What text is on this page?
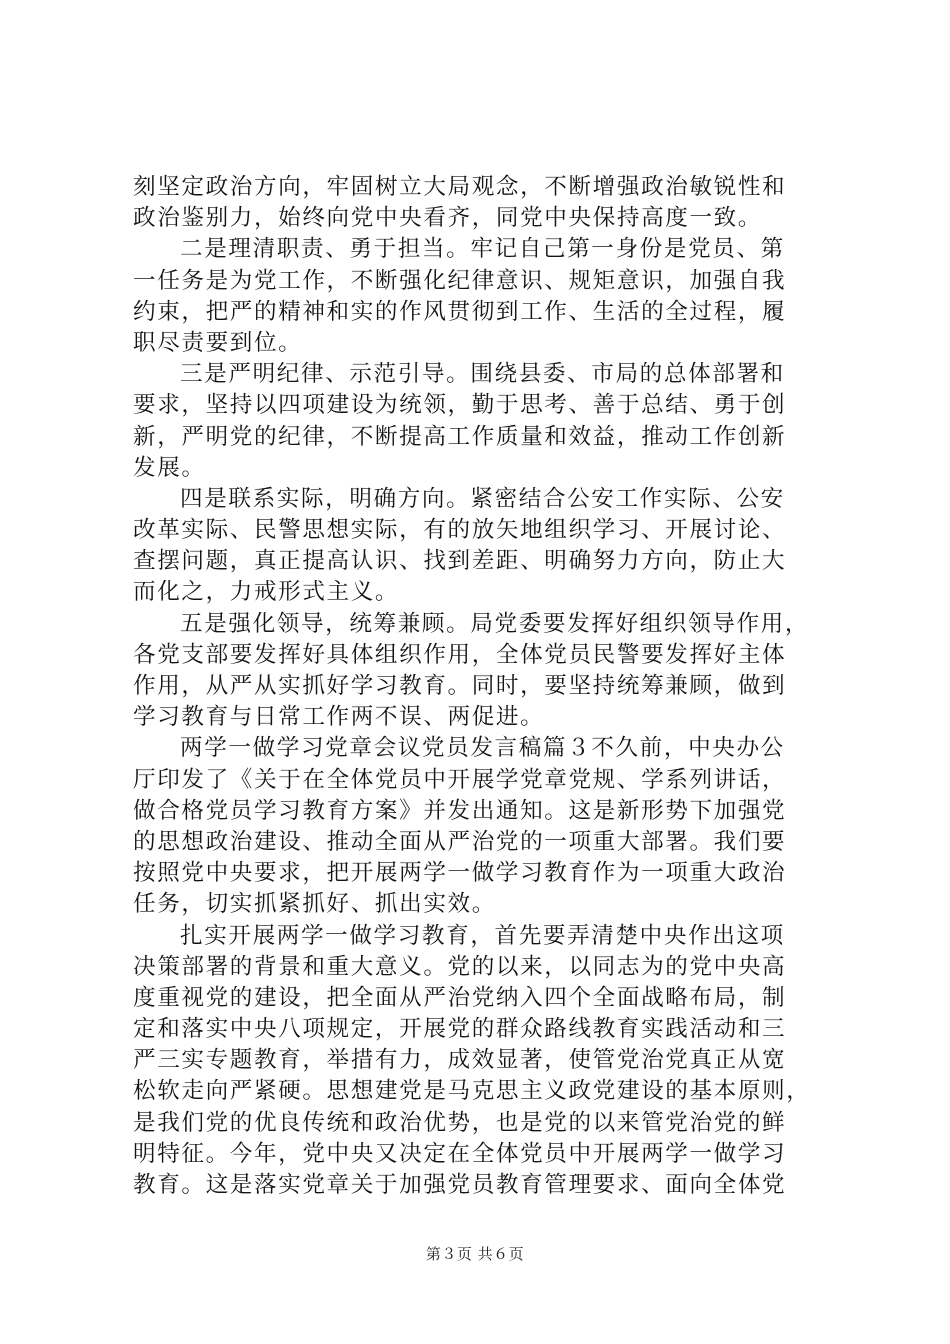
刻坚定政治方向，牢固树立大局观念，不断增强政治敏锐性和
政治鉴别力，始终向党中央看齐，同党中央保持高度一致。
二是理清职责、勇于担当。牢记自己第一身份是党员、第
一任务是为党工作，不断强化纪律意识、规矩意识，加强自我
约束，把严的精神和实的作风贯彻到工作、生活的全过程，履
职尽责要到位。
三是严明纪律、示范引导。围绕县委、市局的总体部署和
要求，坚持以四项建设为统领，勤于思考、善于总结、勇于创
新，严明党的纪律，不断提高工作质量和效益，推动工作创新
发展。
四是联系实际，明确方向。紧密结合公安工作实际、公安
改革实际、民警思想实际，有的放矢地组织学习、开展讨论、
查摆问题，真正提高认识、找到差距、明确努力方向，防止大
而化之，力戒形式主义。
五是强化领导，统筹兼顾。局党委要发挥好组织领导作用，
各党支部要发挥好具体组织作用，全体党员民警要发挥好主体
作用，从严从实抓好学习教育。同时，要坚持统筹兼顾，做到
学习教育与日常工作两不误、两促进。
两学一做学习党章会议党员发言稿篇３不久前，中央办公
厅印发了《关于在全体党员中开展学党章党规、学系列讲话，
做合格党员学习教育方案》并发出通知。这是新形势下加强党
的思想政治建设、推动全面从严治党的一项重大部署。我们要
按照党中央要求，把开展两学一做学习教育作为一项重大政治
任务，切实抓紧抓好、抓出实效。
扎实开展两学一做学习教育，首先要弄清楚中央作出这项
决策部署的背景和重大意义。党的以来，以同志为的党中央高
度重视党的建设，把全面从严治党纳入四个全面战略布局，制
定和落实中央八项规定，开展党的群众路线教育实践活动和三
严三实专题教育，举措有力，成效显著，使管党治党真正从宽
松软走向严紧硬。思想建党是马克思主义政党建设的基本原则，
是我们党的优良传统和政治优势，也是党的以来管党治党的鲜
明特征。今年，党中央又决定在全体党员中开展两学一做学习
教育。这是落实党章关于加强党员教育管理要求、面向全体党
第３页 共６页
